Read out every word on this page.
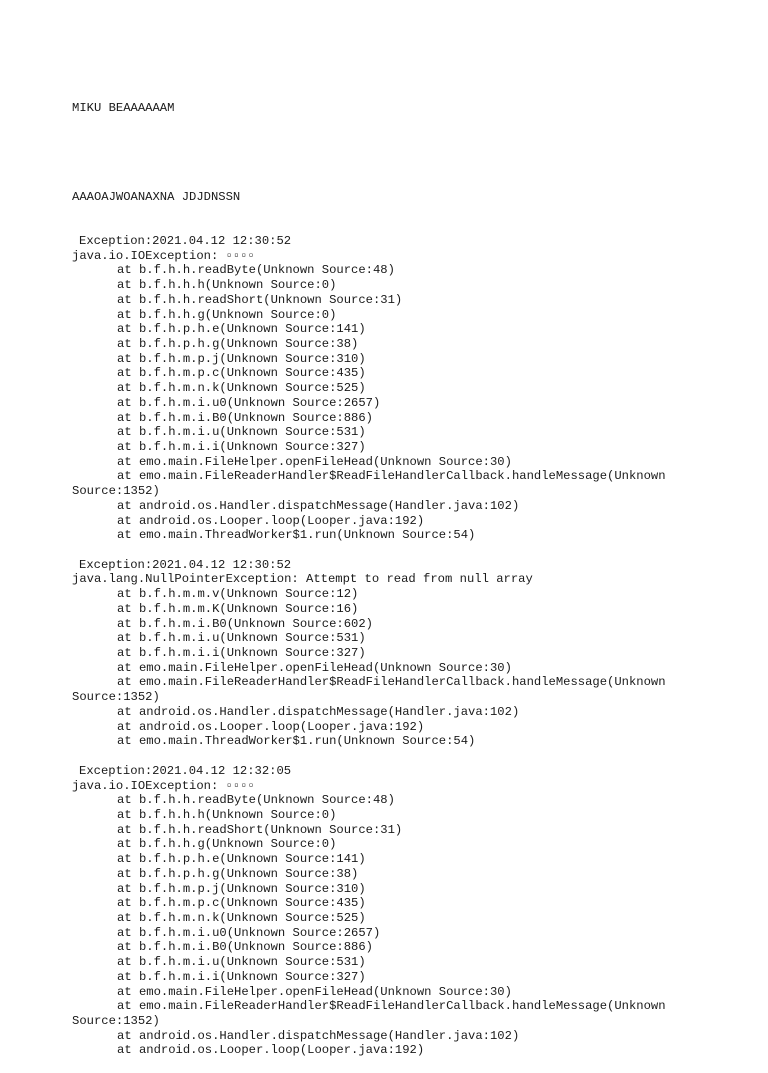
MIKU BEAAAAAAM

AAAOAJWOANAXNA JDJDNSSN

Exception:2021.04.12 12:30:52
java.io.IOException: ▫▫▫▫
at b.f.h.h.readByte(Unknown Source:48)
at b.f.h.h.h(Unknown Source:0)
at b.f.h.h.readShort(Unknown Source:31)
at b.f.h.h.g(Unknown Source:0)
at b.f.h.p.h.e(Unknown Source:141)
at b.f.h.p.h.g(Unknown Source:38)
at b.f.h.m.p.j(Unknown Source:310)
at b.f.h.m.p.c(Unknown Source:435)
at b.f.h.m.n.k(Unknown Source:525)
at b.f.h.m.i.u0(Unknown Source:2657)
at b.f.h.m.i.B0(Unknown Source:886)
at b.f.h.m.i.u(Unknown Source:531)
at b.f.h.m.i.i(Unknown Source:327)
at emo.main.FileHelper.openFileHead(Unknown Source:30)
at emo.main.FileReaderHandler$ReadFileHandlerCallback.handleMessage(Unknown
Source:1352)
at android.os.Handler.dispatchMessage(Handler.java:102)
at android.os.Looper.loop(Looper.java:192)
at emo.main.ThreadWorker$1.run(Unknown Source:54)
Exception:2021.04.12 12:30:52
java.lang.NullPointerException: Attempt to read from null array
at b.f.h.m.m.v(Unknown Source:12)
at b.f.h.m.m.K(Unknown Source:16)
at b.f.h.m.i.B0(Unknown Source:602)
at b.f.h.m.i.u(Unknown Source:531)
at b.f.h.m.i.i(Unknown Source:327)
at emo.main.FileHelper.openFileHead(Unknown Source:30)
at emo.main.FileReaderHandler$ReadFileHandlerCallback.handleMessage(Unknown
Source:1352)
at android.os.Handler.dispatchMessage(Handler.java:102)
at android.os.Looper.loop(Looper.java:192)
at emo.main.ThreadWorker$1.run(Unknown Source:54)
Exception:2021.04.12 12:32:05
java.io.IOException: ▫▫▫▫
at b.f.h.h.readByte(Unknown Source:48)
at b.f.h.h.h(Unknown Source:0)
at b.f.h.h.readShort(Unknown Source:31)
at b.f.h.h.g(Unknown Source:0)
at b.f.h.p.h.e(Unknown Source:141)
at b.f.h.p.h.g(Unknown Source:38)
at b.f.h.m.p.j(Unknown Source:310)
at b.f.h.m.p.c(Unknown Source:435)
at b.f.h.m.n.k(Unknown Source:525)
at b.f.h.m.i.u0(Unknown Source:2657)
at b.f.h.m.i.B0(Unknown Source:886)
at b.f.h.m.i.u(Unknown Source:531)
at b.f.h.m.i.i(Unknown Source:327)
at emo.main.FileHelper.openFileHead(Unknown Source:30)
at emo.main.FileReaderHandler$ReadFileHandlerCallback.handleMessage(Unknown
Source:1352)
at android.os.Handler.dispatchMessage(Handler.java:102)
at android.os.Looper.loop(Looper.java:192)
